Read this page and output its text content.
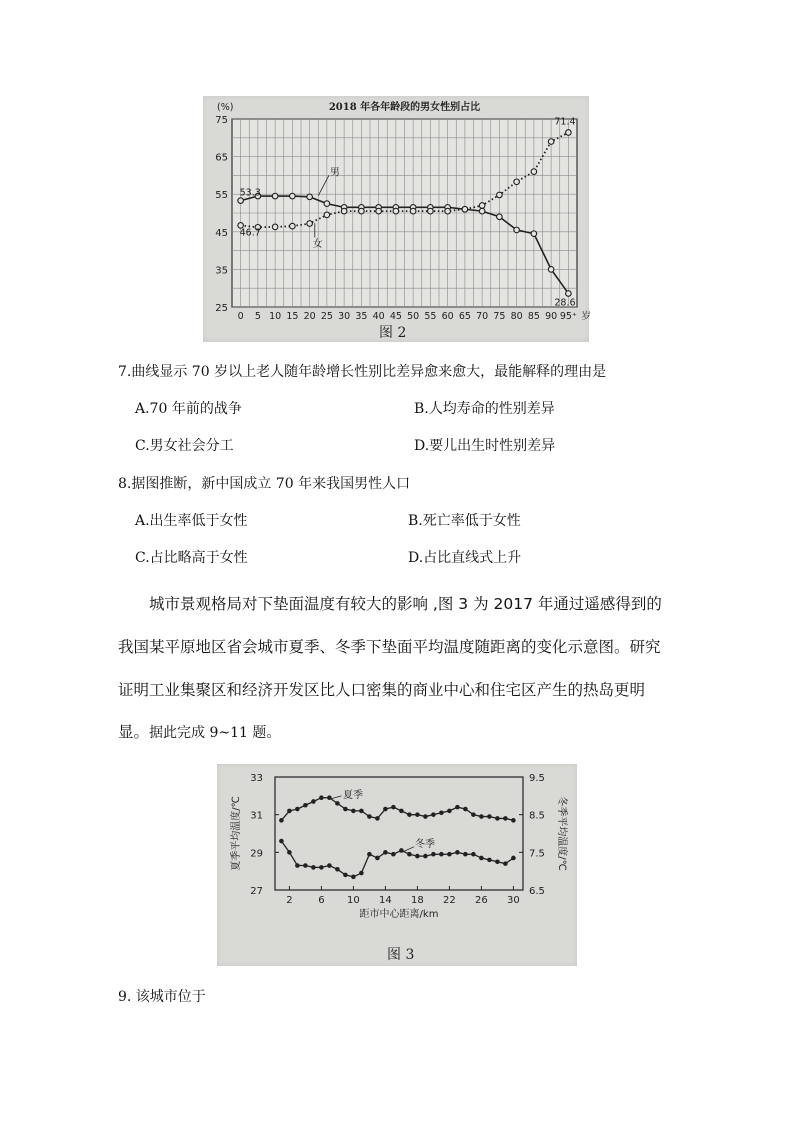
2018 年各年龄段的男女性别占比
(%)
25
35
45
55
65
75
0 5 10 15 20 25 30 35 40 45 50 55 60 65 70 75 80 85 90 95⁺ 岁
男
女
53.3
46.7
71.4
28.6
图 2
7.曲线显示 70 岁以上老人随年龄增长性别比差异愈来愈大，最能解释的理由是
A.70 年前的战争	B.人均寿命的性别差异
C.男女社会分工	D.要儿出生时性别差异
8.据图推断，新中国成立 70 年来我国男性人口
A.出生率低于女性	B.死亡率低于女性
C.占比略高于女性	D.占比直线式上升
城市景观格局对下垫面温度有较大的影响 ,图 3 为 2017 年通过遥感得到的
我国某平原地区省会城市夏季、冬季下垫面平均温度随距离的变化示意图。研究
证明工业集聚区和经济开发区比人口密集的商业中心和住宅区产生的热岛更明
显。据此完成 9~11 题。
27
29
31
33
6.5
7.5
8.5
9.5
2	6 10 14 18 22 26 30
距市中心距离/km
夏季平均温度/℃	冬季平均温度/℃
夏季
冬季
图 3
9. 该城市位于
